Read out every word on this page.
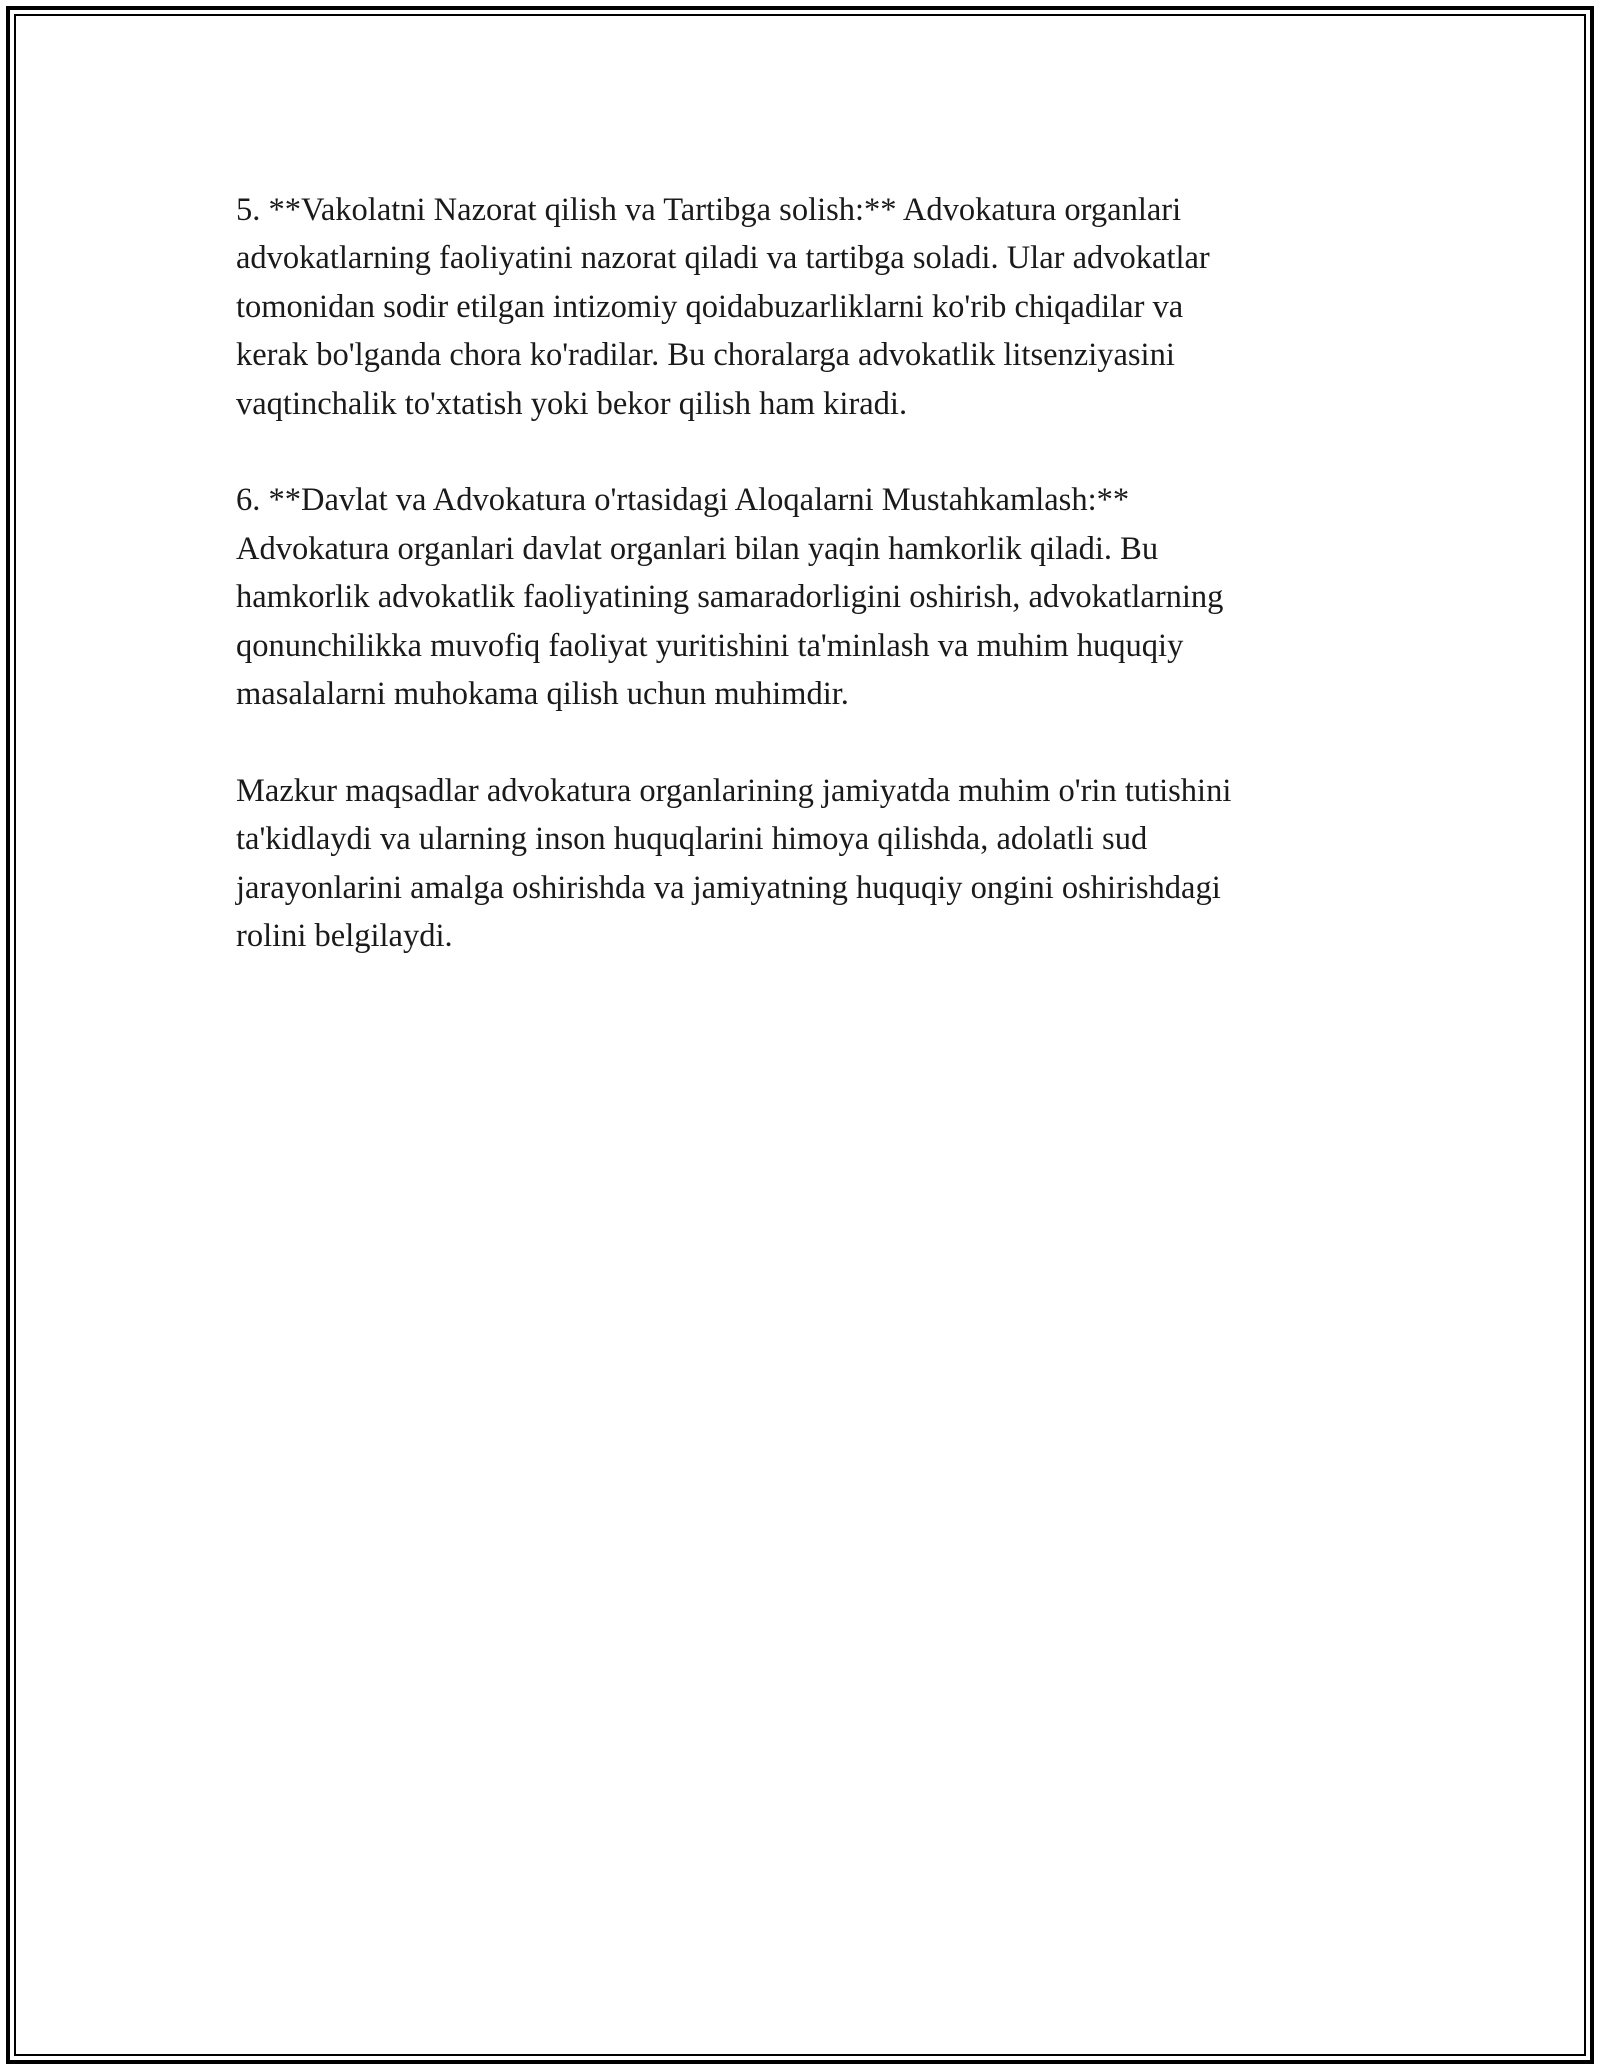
5. **Vakolatni Nazorat qilish va Tartibga solish:** Advokatura organlari
advokatlarning faoliyatini nazorat qiladi va tartibga soladi. Ular advokatlar
tomonidan sodir etilgan intizomiy qoidabuzarliklarni ko'rib chiqadilar va
kerak bo'lganda chora ko'radilar. Bu choralarga advokatlik litsenziyasini
vaqtinchalik to'xtatish yoki bekor qilish ham kiradi.

6. **Davlat va Advokatura o'rtasidagi Aloqalarni Mustahkamlash:**
Advokatura organlari davlat organlari bilan yaqin hamkorlik qiladi. Bu
hamkorlik advokatlik faoliyatining samaradorligini oshirish, advokatlarning
qonunchilikka muvofiq faoliyat yuritishini ta'minlash va muhim huquqiy
masalalarni muhokama qilish uchun muhimdir.

Mazkur maqsadlar advokatura organlarining jamiyatda muhim o'rin tutishini
ta'kidlaydi va ularning inson huquqlarini himoya qilishda, adolatli sud
jarayonlarini amalga oshirishda va jamiyatning huquqiy ongini oshirishdagi
rolini belgilaydi.
